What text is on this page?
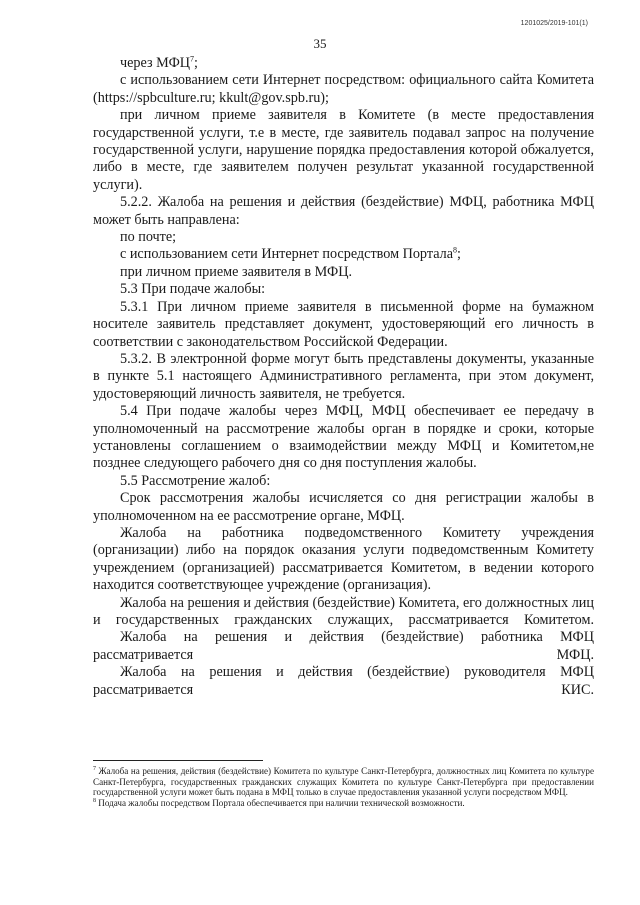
1201025/2019-101(1)
35

через МФЦ$^7$;

с использованием сети Интернет посредством: официального сайта Комитета (https://spbculture.ru; kkult@gov.spb.ru);

при личном приеме заявителя в Комитете (в месте предоставления государственной услуги, т.е в месте, где заявитель подавал запрос на получение государственной услуги, нарушение порядка предоставления которой обжалуется, либо в месте, где заявителем получен результат указанной государственной услуги).

5.2.2. Жалоба на решения и действия (бездействие) МФЦ, работника МФЦ может быть направлена:

по почте;

с использованием сети Интернет посредством Портала$^8$;

при личном приеме заявителя в МФЦ.

5.3 При подаче жалобы:

5.3.1 При личном приеме заявителя в письменной форме на бумажном носителе заявитель представляет документ, удостоверяющий его личность в соответствии с законодательством Российской Федерации.

5.3.2. В электронной форме могут быть представлены документы, указанные в пункте 5.1 настоящего Административного регламента, при этом документ, удостоверяющий личность заявителя, не требуется.

5.4 При подаче жалобы через МФЦ, МФЦ обеспечивает ее передачу в уполномоченный на рассмотрение жалобы орган в порядке и сроки, которые установлены соглашением о взаимодействии между МФЦ и Комитетом,не позднее следующего рабочего дня со дня поступления жалобы.

5.5 Рассмотрение жалоб:

Срок рассмотрения жалобы исчисляется со дня регистрации жалобы в уполномоченном на ее рассмотрение органе, МФЦ.

Жалоба на работника подведомственного Комитету учреждения (организации) либо на порядок оказания услуги подведомственным Комитету учреждением (организацией) рассматривается Комитетом, в ведении которого находится соответствующее учреждение (организация).

Жалоба на решения и действия (бездействие) Комитета, его должностных лиц и государственных гражданских служащих, рассматривается Комитетом.

Жалоба на решения и действия (бездействие) работника МФЦ рассматривается МФЦ.

Жалоба на решения и действия (бездействие) руководителя МФЦ рассматривается КИС.

$^7$ Жалоба на решения, действия (бездействие) Комитета по культуре Санкт-Петербурга, должностных лиц Комитета по культуре Санкт-Петербурга, государственных гражданских служащих Комитета по культуре Санкт-Петербурга при предоставлении государственной услуги может быть подана в МФЦ только в случае предоставления указанной услуги посредством МФЦ.

$^8$ Подача жалобы посредством Портала обеспечивается при наличии технической возможности.
